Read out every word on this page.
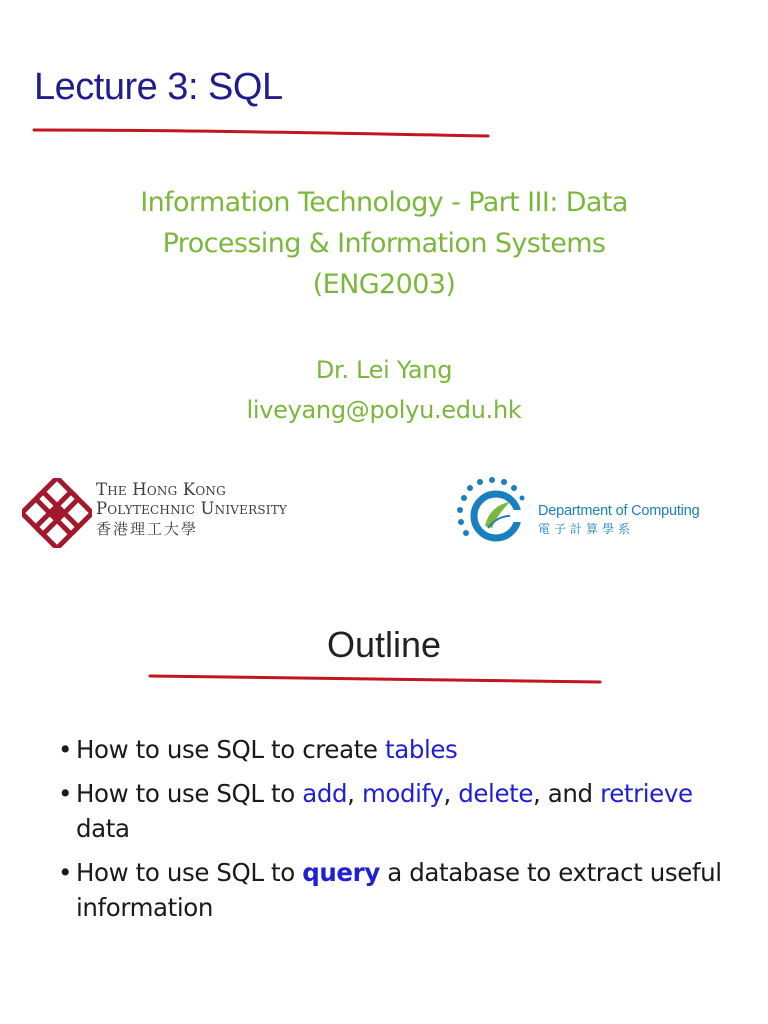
Lecture 3: SQL
Information Technology - Part III: Data
Processing & Information Systems
(ENG2003)
Dr. Lei Yang
liveyang@polyu.edu.hk
The Hong Kong
Polytechnic University
香港理工大學
Department of Computing
電子計算學系
Outline
• How to use SQL to create tables
• How to use SQL to add, modify, delete, and retrieve data
• How to use SQL to query a database to extract useful information
